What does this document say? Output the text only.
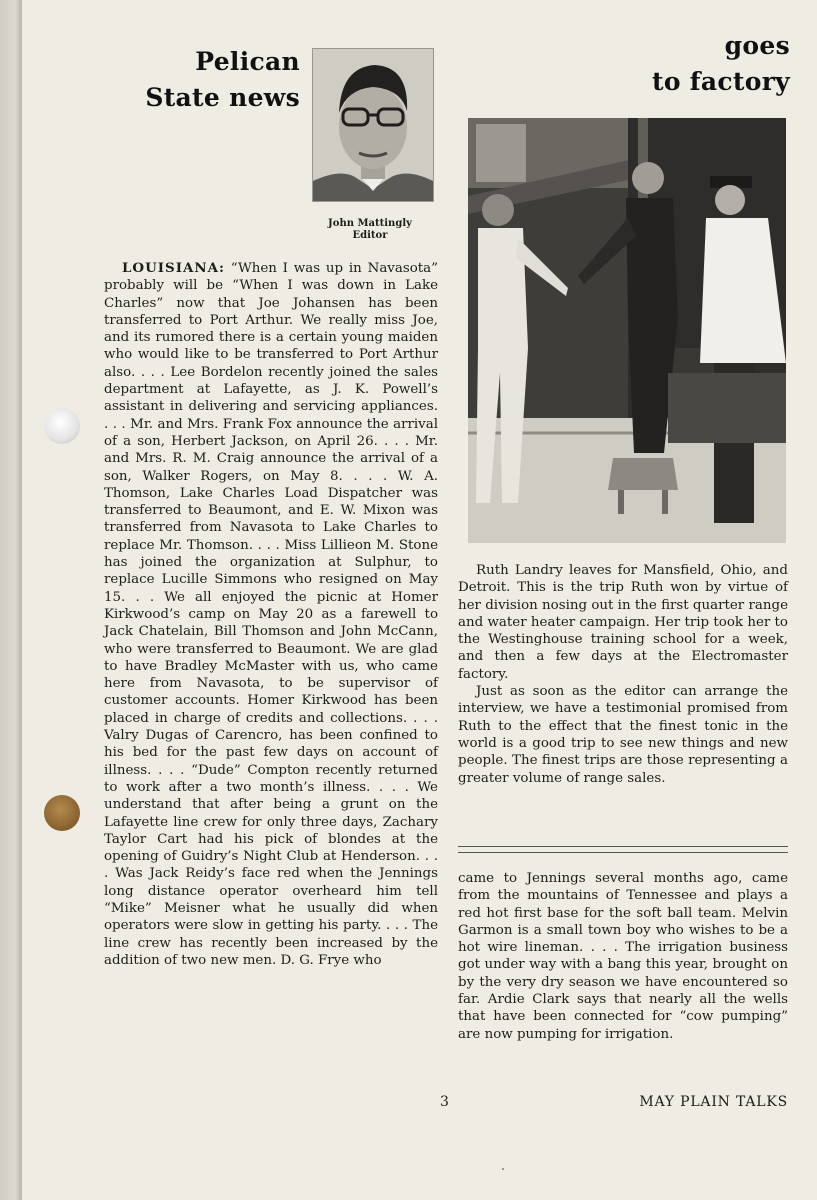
Pelican
State news
John Mattingly
Editor
goes
to factory

LOUISIANA: “When I was up in Navasota” probably will be “When I was down in Lake Charles” now that Joe Johansen has been transferred to Port Arthur. We really miss Joe, and its rumored there is a certain young maiden who would like to be transferred to Port Arthur also. . . . Lee Bordelon recently joined the sales department at Lafayette, as J. K. Powell’s assistant in delivering and servicing appliances. . . . Mr. and Mrs. Frank Fox announce the arrival of a son, Herbert Jackson, on April 26. . . . Mr. and Mrs. R. M. Craig announce the arrival of a son, Walker Rogers, on May 8. . . . W. A. Thomson, Lake Charles Load Dispatcher was transferred to Beaumont, and E. W. Mixon was transferred from Navasota to Lake Charles to replace Mr. Thomson. . . . Miss Lillieon M. Stone has joined the organization at Sulphur, to replace Lucille Simmons who resigned on May 15. . . We all enjoyed the picnic at Homer Kirkwood’s camp on May 20 as a farewell to Jack Chatelain, Bill Thomson and John McCann, who were transferred to Beaumont. We are glad to have Bradley McMaster with us, who came here from Navasota, to be supervisor of customer accounts. Homer Kirkwood has been placed in charge of credits and collections. . . . Valry Dugas of Carencro, has been confined to his bed for the past few days on account of illness. . . . “Dude” Compton recently returned to work after a two month’s illness. . . . We understand that after being a grunt on the Lafayette line crew for only three days, Zachary Taylor Cart had his pick of blondes at the opening of Guidry’s Night Club at Henderson. . . . Was Jack Reidy’s face red when the Jennings long distance operator overheard him tell “Mike” Meisner what he usually did when operators were slow in getting his party. . . . The line crew has recently been increased by the addition of two new men. D. G. Frye who

Ruth Landry leaves for Mansfield, Ohio, and Detroit. This is the trip Ruth won by virtue of her division nosing out in the first quarter range and water heater campaign. Her trip took her to the Westinghouse training school for a week, and then a few days at the Electromaster factory.

Just as soon as the editor can arrange the interview, we have a testimonial promised from Ruth to the effect that the finest tonic in the world is a good trip to see new things and new people. The finest trips are those representing a greater volume of range sales.

came to Jennings several months ago, came from the mountains of Tennessee and plays a red hot first base for the soft ball team. Melvin Garmon is a small town boy who wishes to be a hot wire lineman. . . . The irrigation business got under way with a bang this year, brought on by the very dry season we have encountered so far. Ardie Clark says that nearly all the wells that have been connected for “cow pumping” are now pumping for irrigation.

3	MAY PLAIN TALKS
